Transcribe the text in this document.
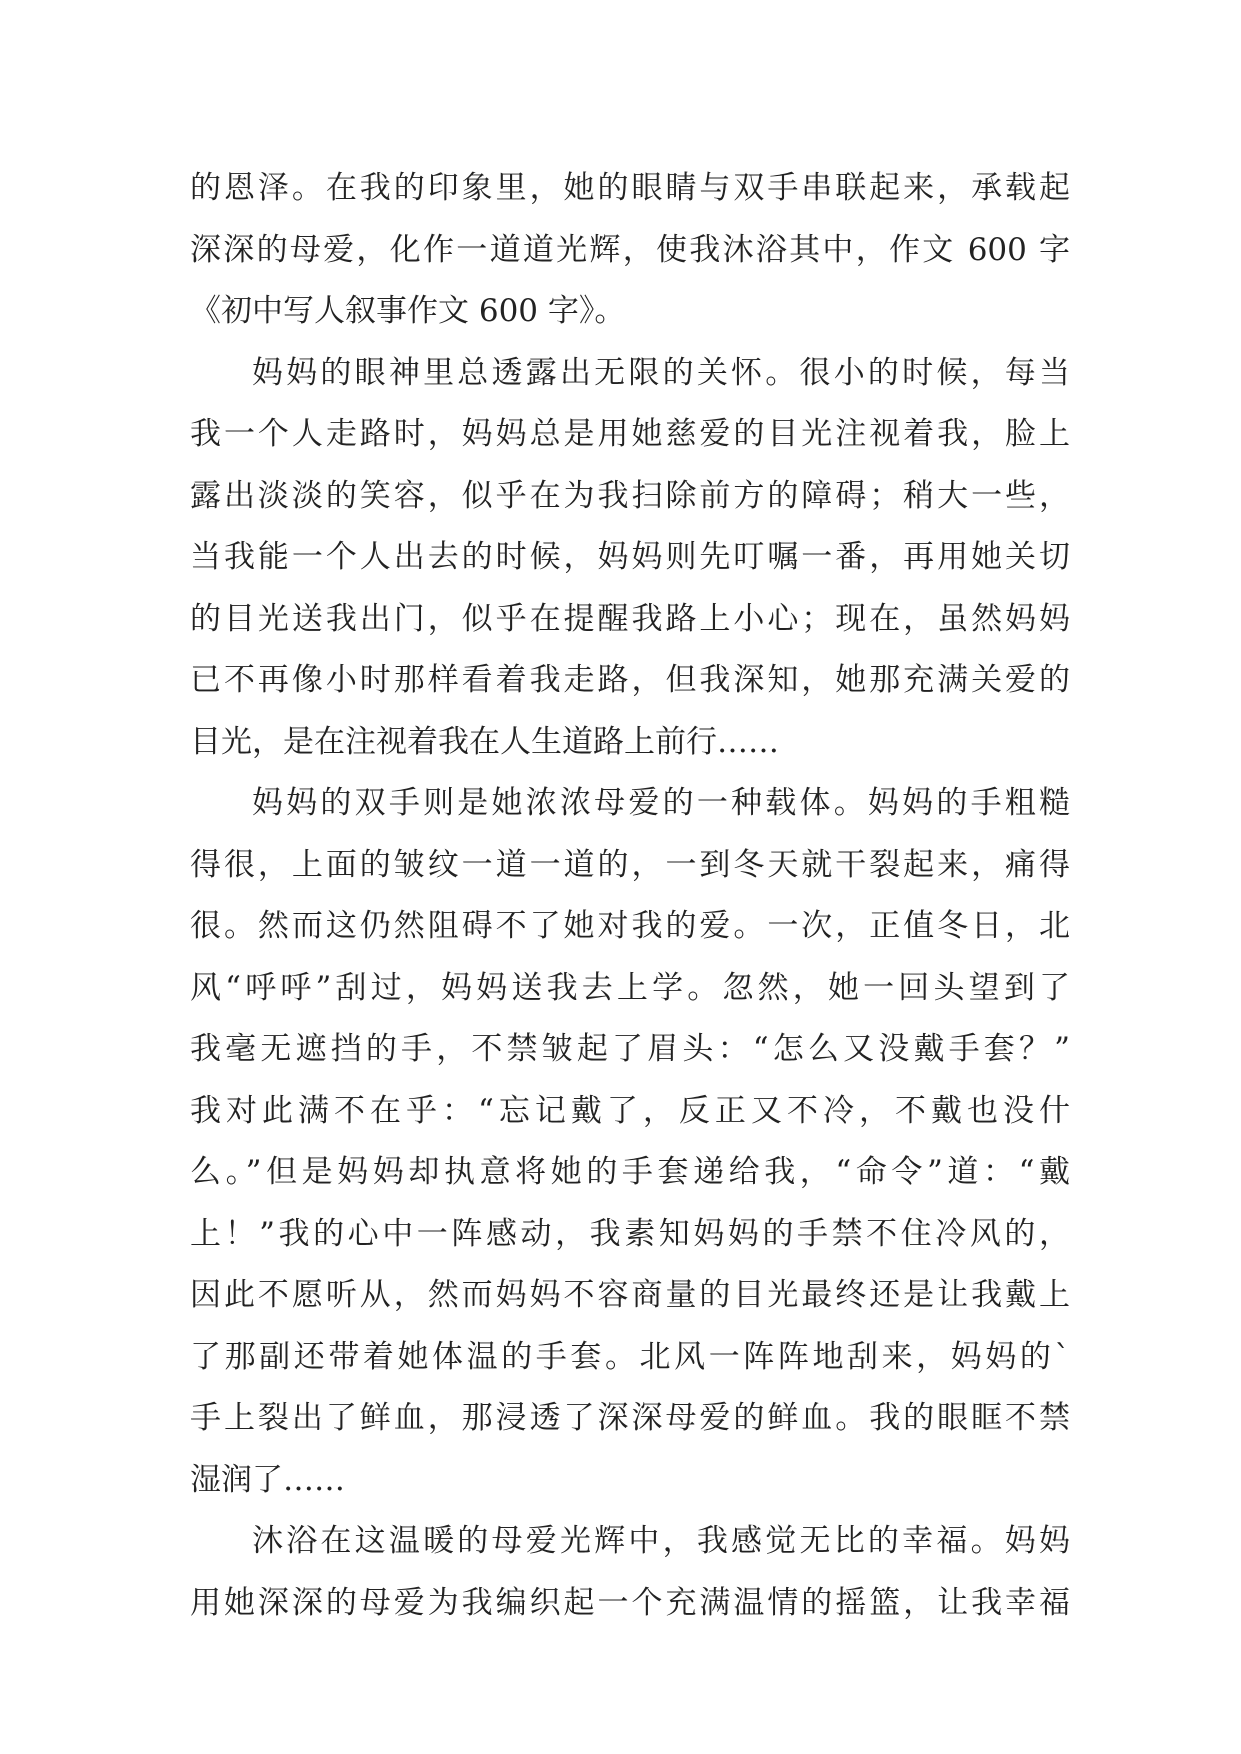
的恩泽。在我的印象里，她的眼睛与双手串联起来，承载起
深深的母爱，化作一道道光辉，使我沐浴其中，作文 600 字
《初中写人叙事作文 600 字》。
妈妈的眼神里总透露出无限的关怀。很小的时候，每当
我一个人走路时，妈妈总是用她慈爱的目光注视着我，脸上
露出淡淡的笑容，似乎在为我扫除前方的障碍；稍大一些，
当我能一个人出去的时候，妈妈则先叮嘱一番，再用她关切
的目光送我出门，似乎在提醒我路上小心；现在，虽然妈妈
已不再像小时那样看着我走路，但我深知，她那充满关爱的
目光，是在注视着我在人生道路上前行……
妈妈的双手则是她浓浓母爱的一种载体。妈妈的手粗糙
得很，上面的皱纹一道一道的，一到冬天就干裂起来，痛得
很。然而这仍然阻碍不了她对我的爱。一次，正值冬日，北
风“呼呼”刮过，妈妈送我去上学。忽然，她一回头望到了
我毫无遮挡的手，不禁皱起了眉头：“怎么又没戴手套？”
我对此满不在乎：“忘记戴了，反正又不冷，不戴也没什
么。”但是妈妈却执意将她的手套递给我，“命令”道：“戴
上！”我的心中一阵感动，我素知妈妈的手禁不住冷风的，
因此不愿听从，然而妈妈不容商量的目光最终还是让我戴上
了那副还带着她体温的手套。北风一阵阵地刮来，妈妈的`
手上裂出了鲜血，那浸透了深深母爱的鲜血。我的眼眶不禁
湿润了……
沐浴在这温暖的母爱光辉中，我感觉无比的幸福。妈妈
用她深深的母爱为我编织起一个充满温情的摇篮，让我幸福
